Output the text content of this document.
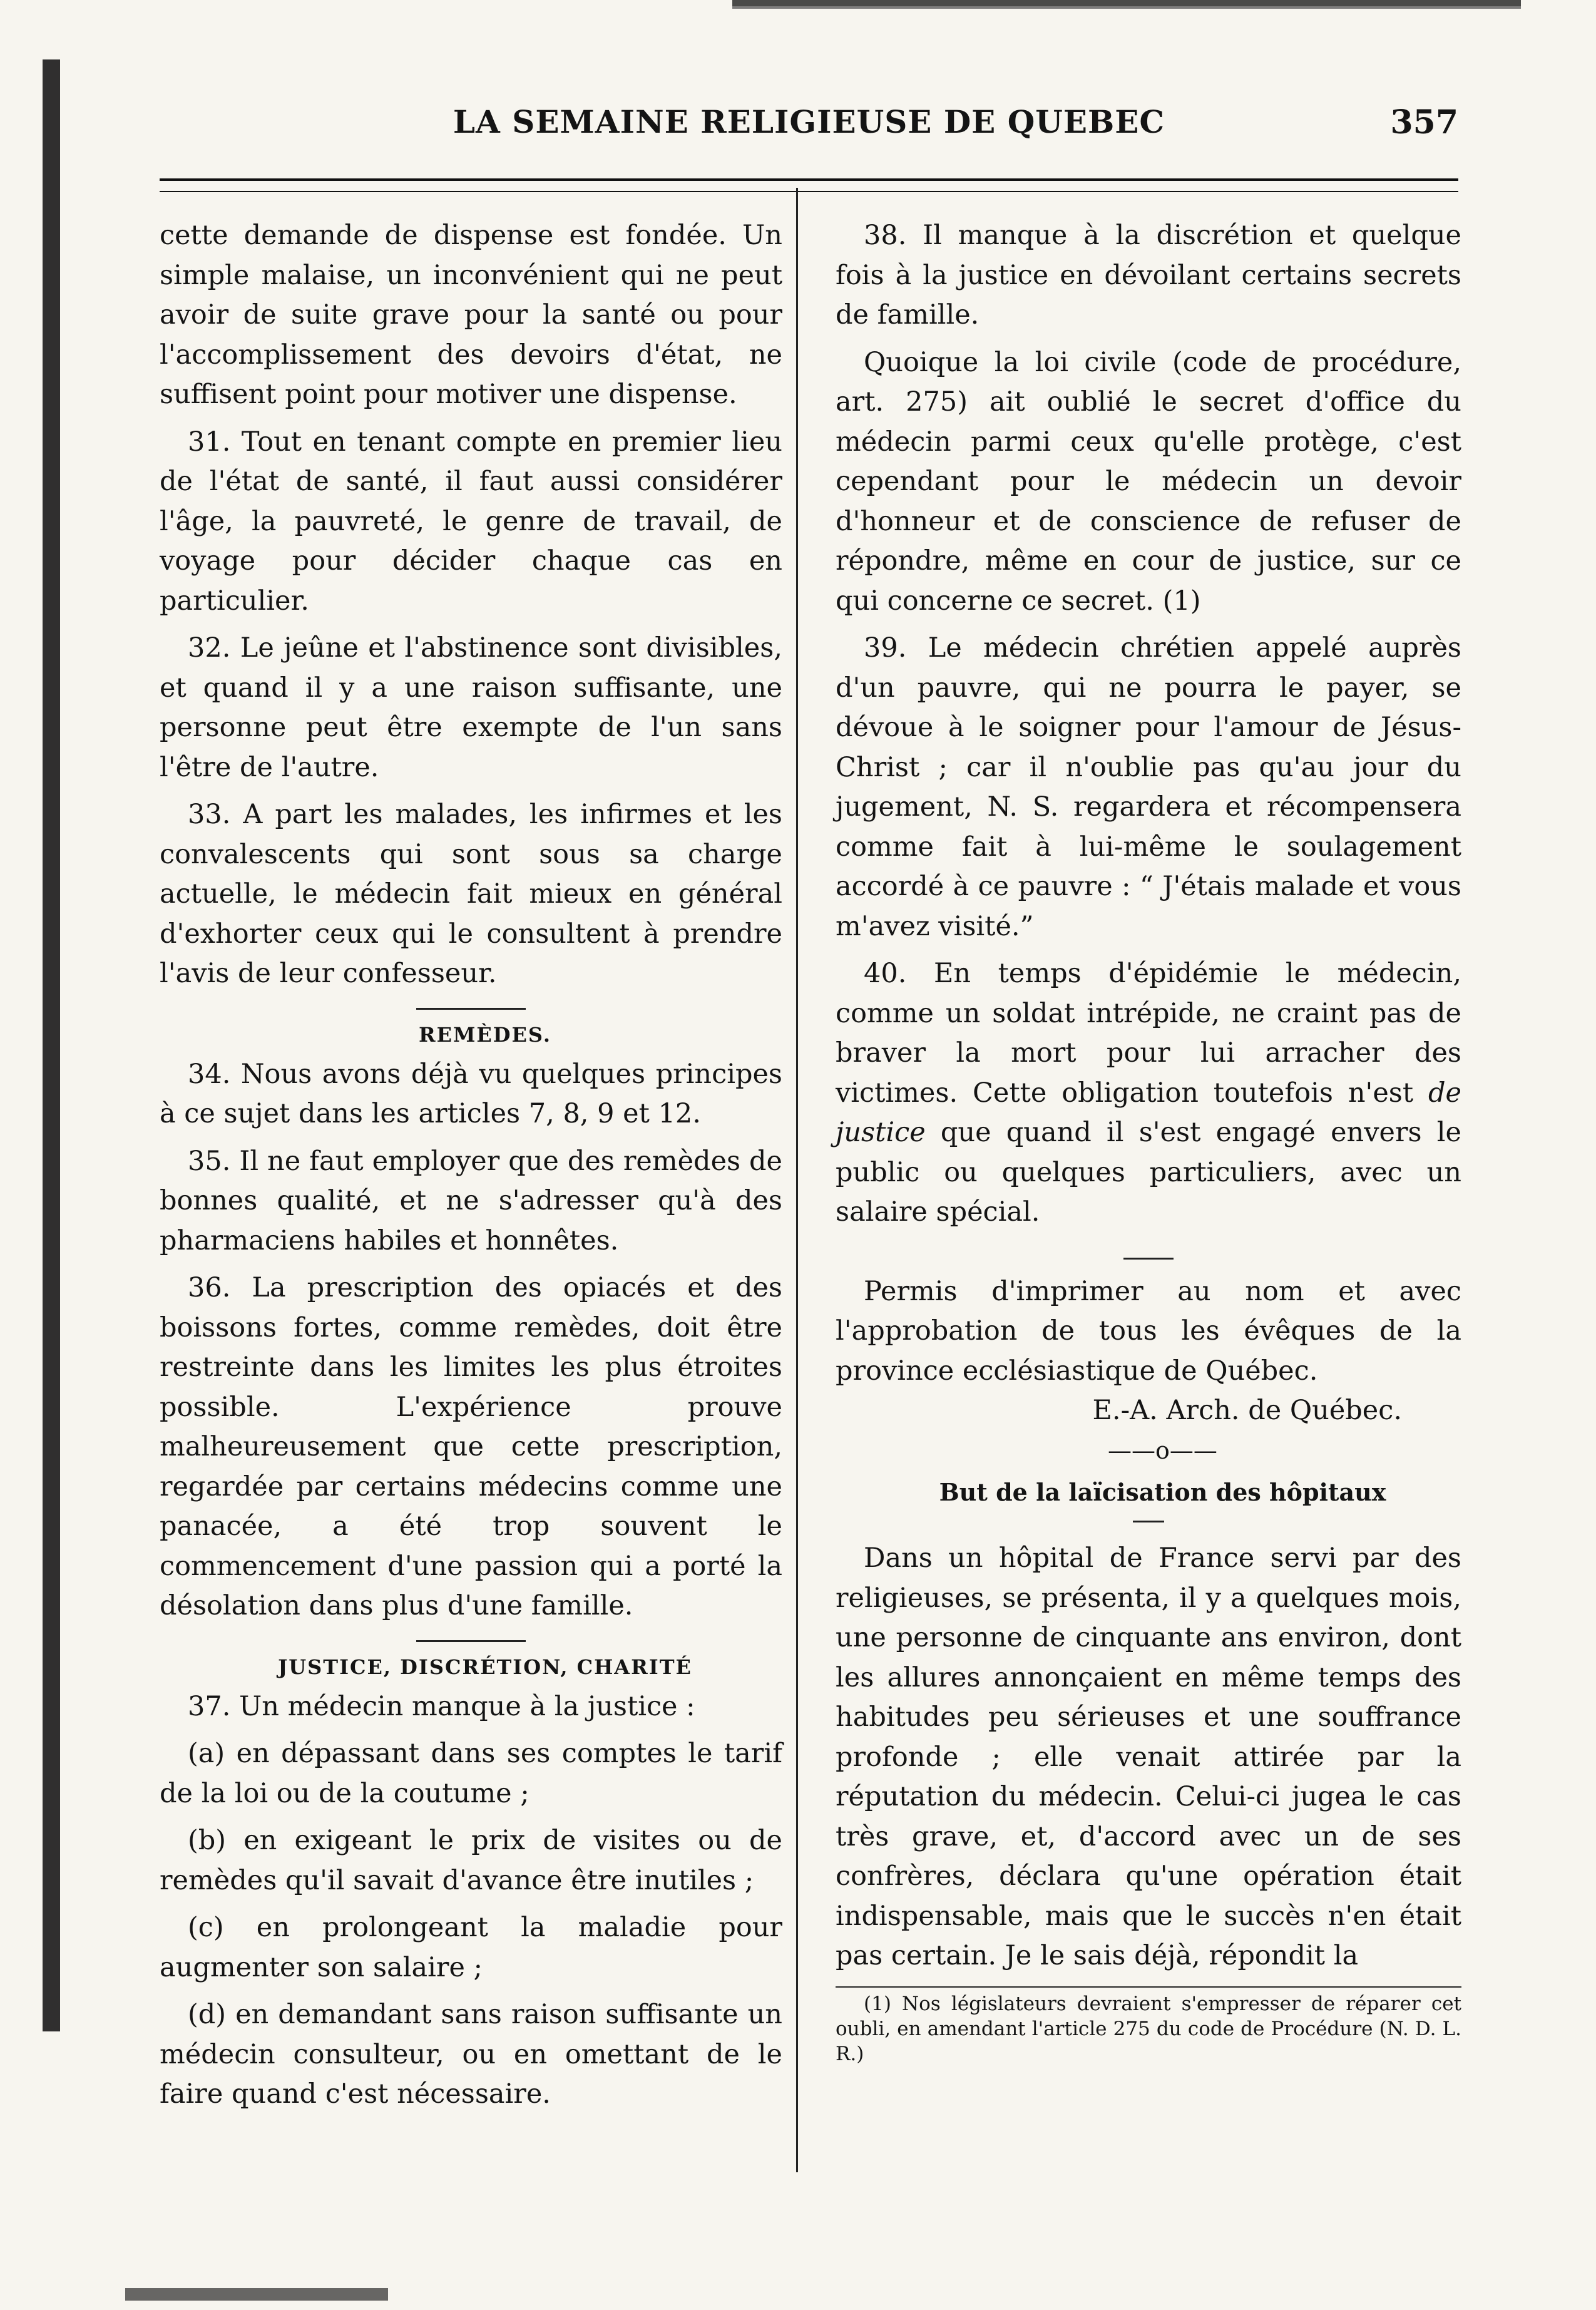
LA SEMAINE RELIGIEUSE DE QUEBEC	357

cette demande de dispense est fondée. Un simple malaise, un inconvénient qui ne peut avoir de suite grave pour la santé ou pour l'accomplissement des devoirs d'état, ne suffisent point pour motiver une dispense.

31. Tout en tenant compte en premier lieu de l'état de santé, il faut aussi considérer l'âge, la pauvreté, le genre de travail, de voyage pour décider chaque cas en particulier.

32. Le jeûne et l'abstinence sont divisibles, et quand il y a une raison suffisante, une personne peut être exempte de l'un sans l'être de l'autre.

33. A part les malades, les infirmes et les convalescents qui sont sous sa charge actuelle, le médecin fait mieux en général d'exhorter ceux qui le consultent à prendre l'avis de leur confesseur.

REMÈDES.

34. Nous avons déjà vu quelques principes à ce sujet dans les articles 7, 8, 9 et 12.

35. Il ne faut employer que des remèdes de bonnes qualité, et ne s'adresser qu'à des pharmaciens habiles et honnêtes.

36. La prescription des opiacés et des boissons fortes, comme remèdes, doit être restreinte dans les limites les plus étroites possible. L'expérience prouve malheureusement que cette prescription, regardée par certains médecins comme une panacée, a été trop souvent le commencement d'une passion qui a porté la désolation dans plus d'une famille.

JUSTICE, DISCRÉTION, CHARITÉ

37. Un médecin manque à la justice :

(a) en dépassant dans ses comptes le tarif de la loi ou de la coutume ;

(b) en exigeant le prix de visites ou de remèdes qu'il savait d'avance être inutiles ;

(c) en prolongeant la maladie pour augmenter son salaire ;

(d) en demandant sans raison suffisante un médecin consulteur, ou en omettant de le faire quand c'est nécessaire.

38. Il manque à la discrétion et quelque fois à la justice en dévoilant certains secrets de famille.

Quoique la loi civile (code de procédure, art. 275) ait oublié le secret d'office du médecin parmi ceux qu'elle protège, c'est cependant pour le médecin un devoir d'honneur et de conscience de refuser de répondre, même en cour de justice, sur ce qui concerne ce secret. (1)

39. Le médecin chrétien appelé auprès d'un pauvre, qui ne pourra le payer, se dévoue à le soigner pour l'amour de Jésus-Christ ; car il n'oublie pas qu'au jour du jugement, N. S. regardera et récompensera comme fait à lui-même le soulagement accordé à ce pauvre : “ J'étais malade et vous m'avez visité.”

40. En temps d'épidémie le médecin, comme un soldat intrépide, ne craint pas de braver la mort pour lui arracher des victimes. Cette obligation toutefois n'est de justice que quand il s'est engagé envers le public ou quelques particuliers, avec un salaire spécial.

Permis d'imprimer au nom et avec l'approbation de tous les évêques de la province ecclésiastique de Québec.

E.-A. Arch. de Québec.

——o——

But de la laïcisation des hôpitaux

Dans un hôpital de France servi par des religieuses, se présenta, il y a quelques mois, une personne de cinquante ans environ, dont les allures annonçaient en même temps des habitudes peu sérieuses et une souffrance profonde ; elle venait attirée par la réputation du médecin. Celui-ci jugea le cas très grave, et, d'accord avec un de ses confrères, déclara qu'une opération était indispensable, mais que le succès n'en était pas certain. Je le sais déjà, répondit la

(1) Nos législateurs devraient s'empresser de réparer cet oubli, en amendant l'article 275 du code de Procédure (N. D. L. R.)
